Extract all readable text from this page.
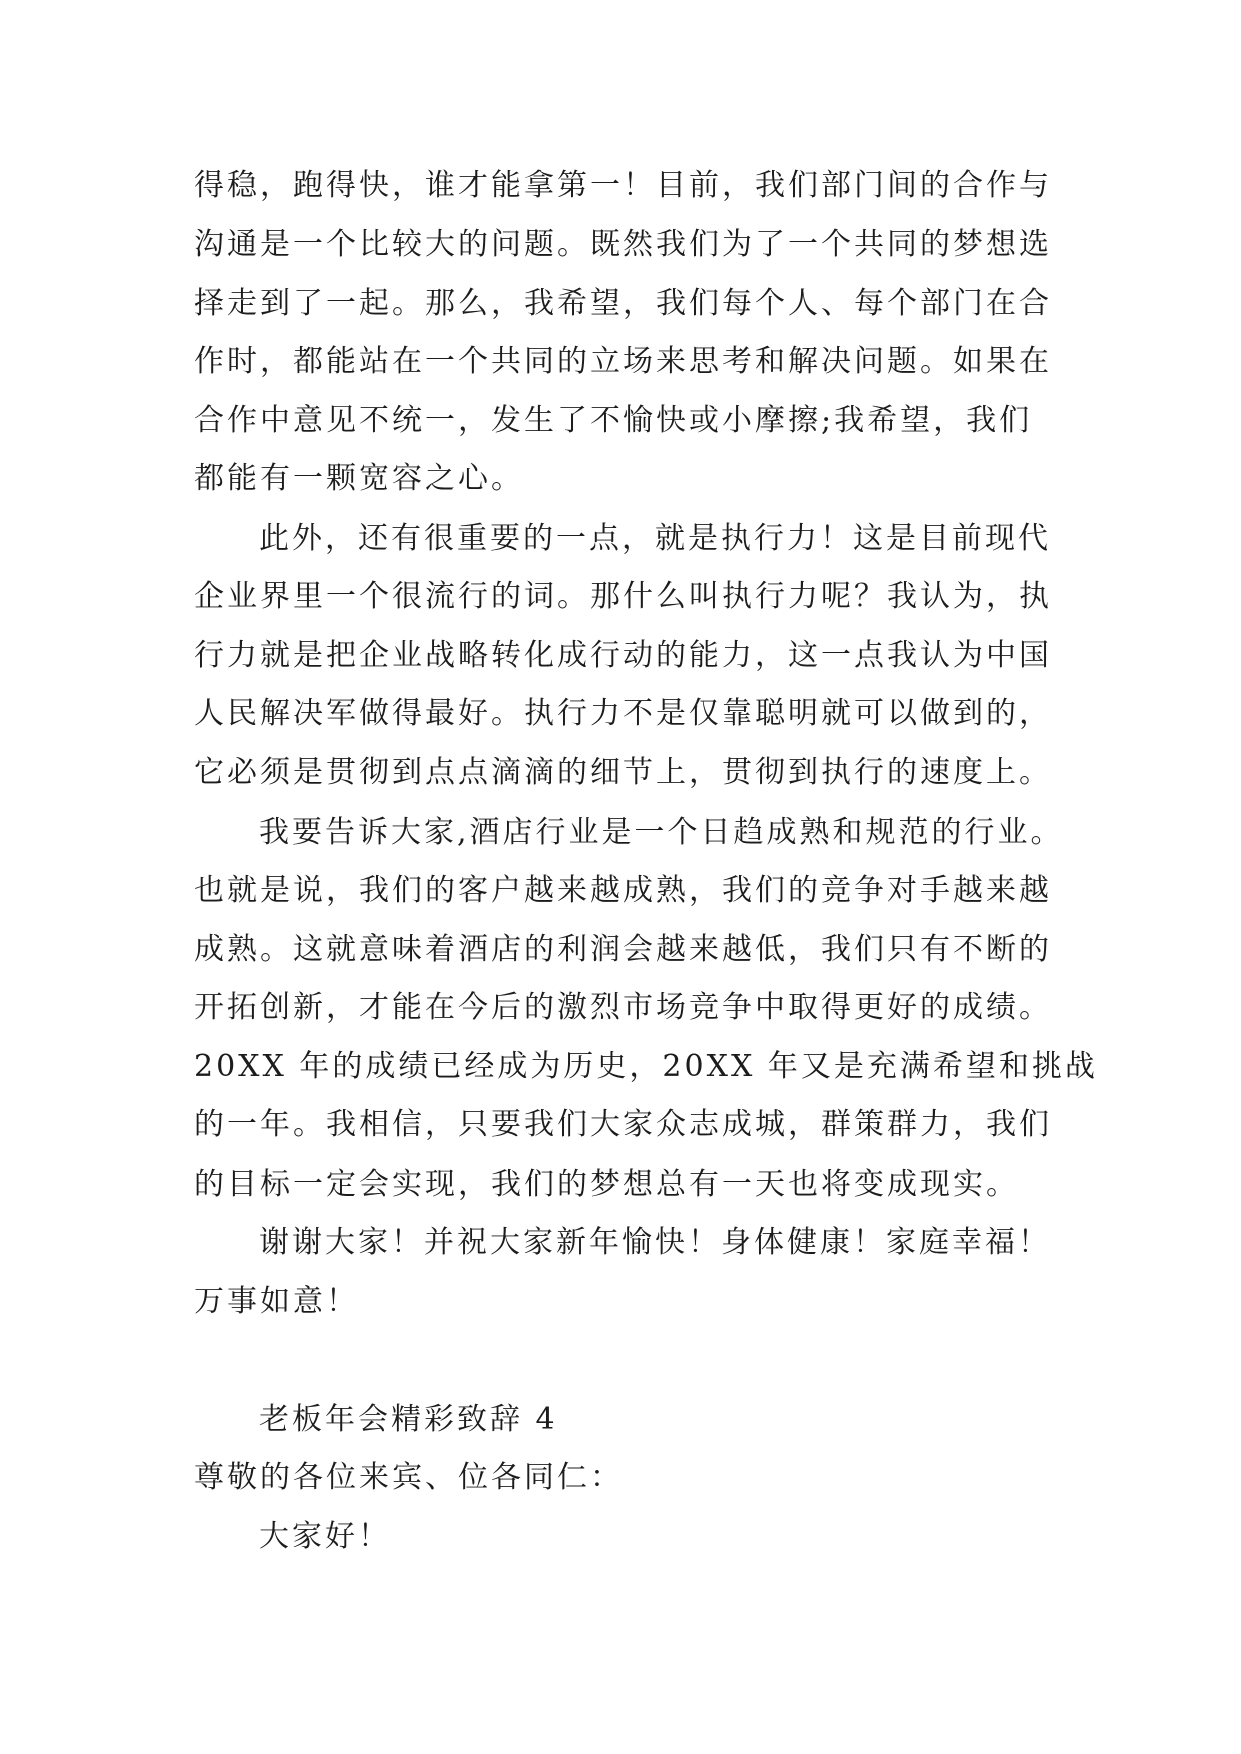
得稳，跑得快，谁才能拿第一！目前，我们部门间的合作与
沟通是一个比较大的问题。既然我们为了一个共同的梦想选
择走到了一起。那么，我希望，我们每个人、每个部门在合
作时，都能站在一个共同的立场来思考和解决问题。如果在
合作中意见不统一，发生了不愉快或小摩擦;我希望，我们
都能有一颗宽容之心。
此外，还有很重要的一点，就是执行力！这是目前现代
企业界里一个很流行的词。那什么叫执行力呢？我认为，执
行力就是把企业战略转化成行动的能力，这一点我认为中国
人民解决军做得最好。执行力不是仅靠聪明就可以做到的，
它必须是贯彻到点点滴滴的细节上，贯彻到执行的速度上。
我要告诉大家,酒店行业是一个日趋成熟和规范的行业。
也就是说，我们的客户越来越成熟，我们的竞争对手越来越
成熟。这就意味着酒店的利润会越来越低，我们只有不断的
开拓创新，才能在今后的激烈市场竞争中取得更好的成绩。
20XX 年的成绩已经成为历史，20XX 年又是充满希望和挑战
的一年。我相信，只要我们大家众志成城，群策群力，我们
的目标一定会实现，我们的梦想总有一天也将变成现实。
谢谢大家！并祝大家新年愉快！身体健康！家庭幸福！
万事如意！
老板年会精彩致辞 4
尊敬的各位来宾、位各同仁：
大家好！
